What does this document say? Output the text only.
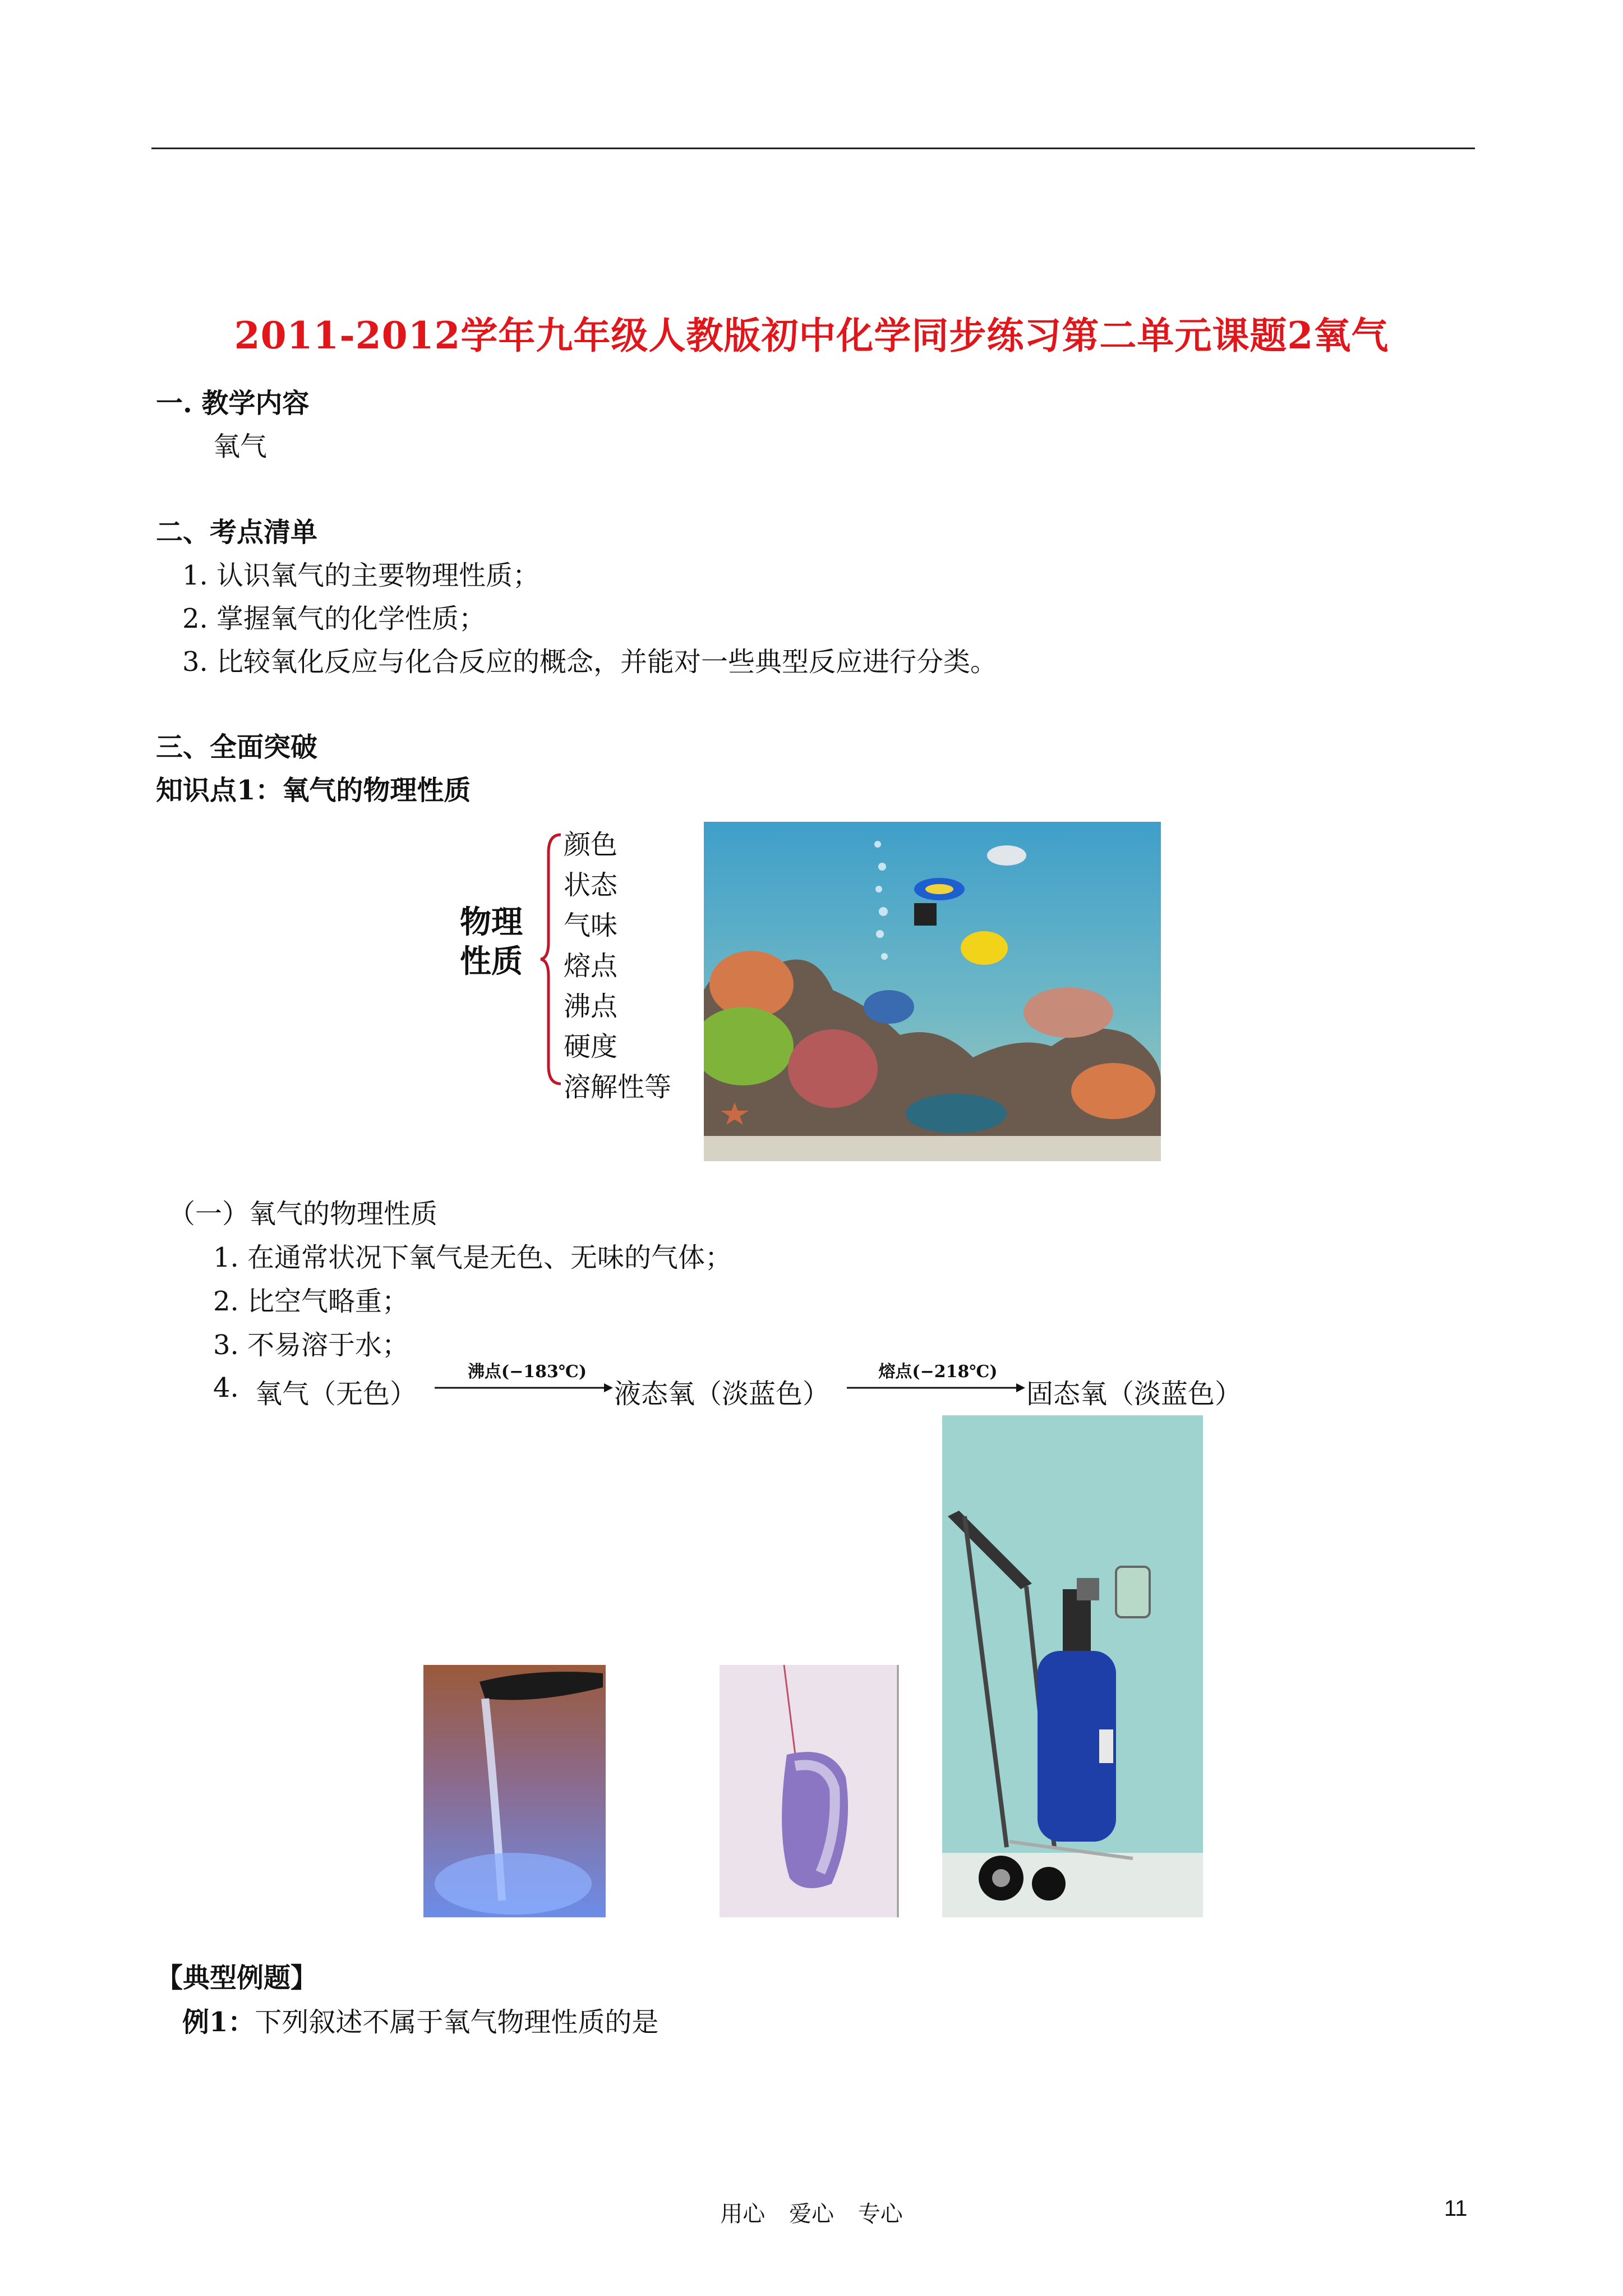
2011-2012学年九年级人教版初中化学同步练习第二单元课题2氧气
一. 教学内容
氧气
二、考点清单
1. 认识氧气的主要物理性质；
2. 掌握氧气的化学性质；
3. 比较氧化反应与化合反应的概念，并能对一些典型反应进行分类。
三、全面突破
知识点1：氧气的物理性质
物理
性质
颜色
状态
气味
熔点
沸点
硬度
溶解性等
（一）氧气的物理性质
1. 在通常状况下氧气是无色、无味的气体；
2. 比空气略重；
3. 不易溶于水；
4. 氧气（无色）
沸点(−183℃)
液态氧（淡蓝色）
熔点(−218℃)
固态氧（淡蓝色）
【典型例题】
例1：下列叙述不属于氧气物理性质的是
用心 爱心 专心	11
